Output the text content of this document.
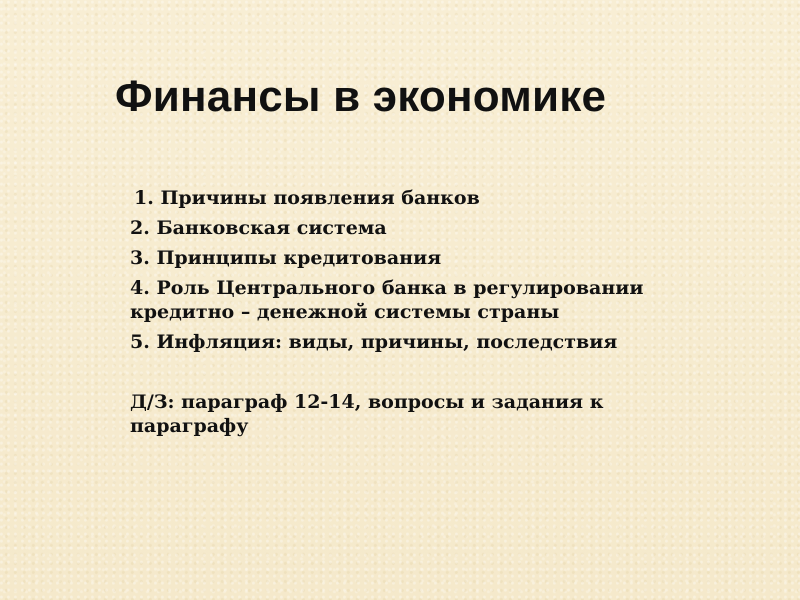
Финансы в экономике
1. Причины появления банков
2. Банковская система
3. Принципы кредитования
4. Роль Центрального банка в регулировании кредитно – денежной системы страны
5. Инфляция: виды, причины, последствия

Д/З: параграф 12-14, вопросы и задания к параграфу
